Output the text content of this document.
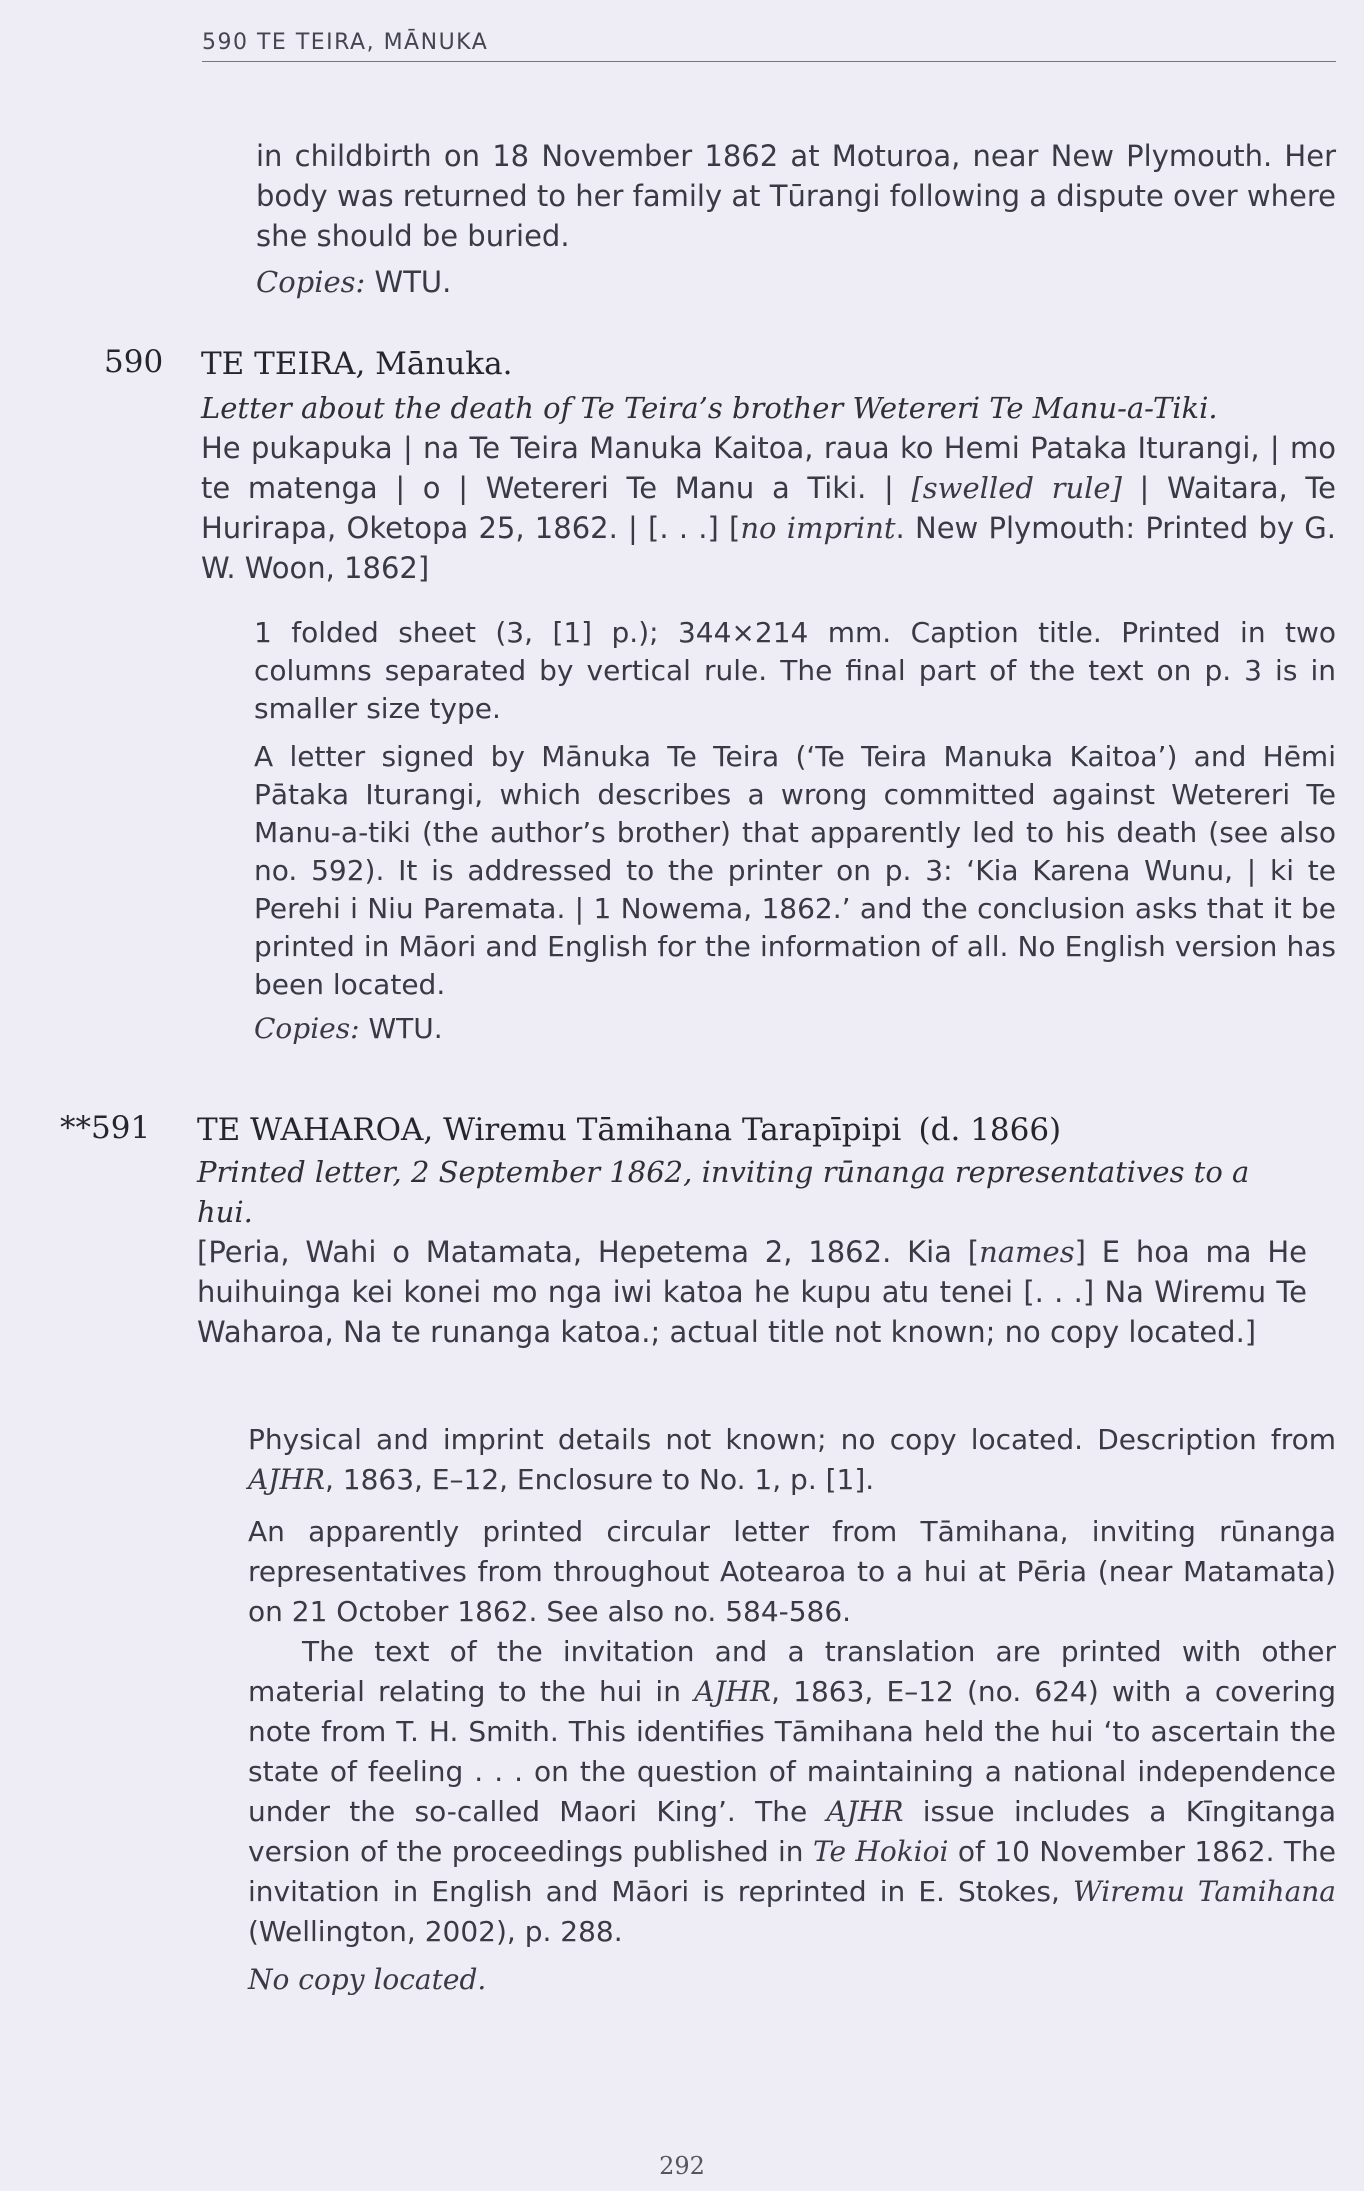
590 TE TEIRA, MĀNUKA

in childbirth on 18 November 1862 at Moturoa, near New Plymouth. Her body was returned to her family at Tūrangi following a dispute over where she should be buried.

Copies: WTU.

590 TE TEIRA, Mānuka.

Letter about the death of Te Teira’s brother Wetereri Te Manu-a-Tiki.

He pukapuka | na Te Teira Manuka Kaitoa, raua ko Hemi Pataka Iturangi, | mo te matenga | o | Wetereri Te Manu a Tiki. | [swelled rule] | Waitara, Te Hurirapa, Oketopa 25, 1862. | [. . .] [no imprint. New Plymouth: Printed by G. W. Woon, 1862]

1 folded sheet (3, [1] p.); 344×214 mm. Caption title. Printed in two columns separated by vertical rule. The final part of the text on p. 3 is in smaller size type.

A letter signed by Mānuka Te Teira (‘Te Teira Manuka Kaitoa’) and Hēmi Pātaka Iturangi, which describes a wrong committed against Wetereri Te Manu-a-tiki (the author’s brother) that apparently led to his death (see also no. 592). It is addressed to the printer on p. 3: ‘Kia Karena Wunu, | ki te Perehi i Niu Paremata. | 1 Nowema, 1862.’ and the conclusion asks that it be printed in Māori and English for the information of all. No English version has been located.

Copies: WTU.

**591 TE WAHAROA, Wiremu Tāmihana Tarapīpipi (d. 1866)

Printed letter, 2 September 1862, inviting rūnanga representatives to a hui.

[Peria, Wahi o Matamata, Hepetema 2, 1862. Kia [names] E hoa ma He huihuinga kei konei mo nga iwi katoa he kupu atu tenei [. . .] Na Wiremu Te Waharoa, Na te runanga katoa.; actual title not known; no copy located.]

Physical and imprint details not known; no copy located. Description from AJHR, 1863, E–12, Enclosure to No. 1, p. [1].

An apparently printed circular letter from Tāmihana, inviting rūnanga representatives from throughout Aotearoa to a hui at Pēria (near Matamata) on 21 October 1862. See also no. 584-586.

The text of the invitation and a translation are printed with other material relating to the hui in AJHR, 1863, E–12 (no. 624) with a covering note from T. H. Smith. This identifies Tāmihana held the hui ‘to ascertain the state of feeling . . . on the question of maintaining a national independence under the so-called Maori King’. The AJHR issue includes a Kīngitanga version of the proceedings published in Te Hokioi of 10 November 1862. The invitation in English and Māori is reprinted in E. Stokes, Wiremu Tamihana (Wellington, 2002), p. 288.

No copy located.

292
